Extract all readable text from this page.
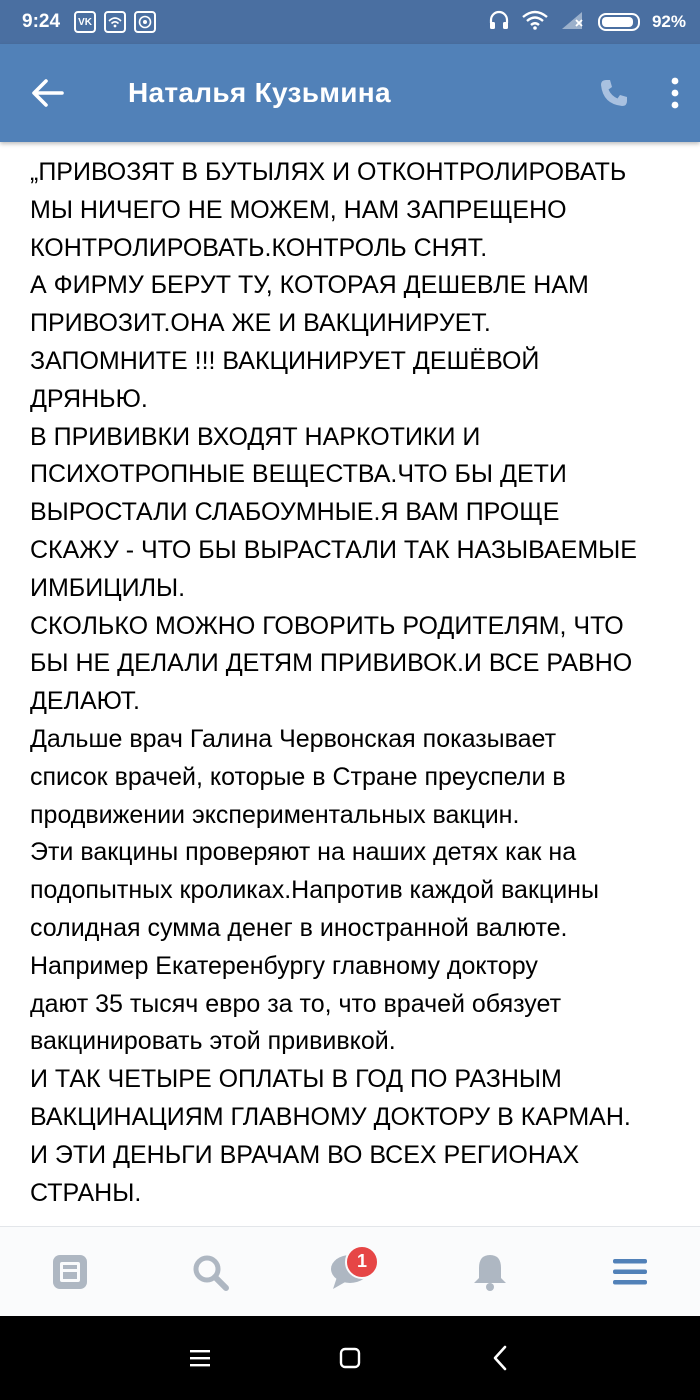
9:24	VK	92%
Наталья Кузьмина
„ПРИВОЗЯТ В БУТЫЛЯХ И ОТКОНТРОЛИРОВАТЬ
МЫ НИЧЕГО НЕ МОЖЕМ, НАМ ЗАПРЕЩЕНО
КОНТРОЛИРОВАТЬ.КОНТРОЛЬ СНЯТ.
А ФИРМУ БЕРУТ ТУ, КОТОРАЯ ДЕШЕВЛЕ НАМ
ПРИВОЗИТ.ОНА ЖЕ И ВАКЦИНИРУЕТ.
ЗАПОМНИТЕ !!! ВАКЦИНИРУЕТ ДЕШЁВОЙ
ДРЯНЬЮ.
В ПРИВИВКИ ВХОДЯТ НАРКОТИКИ И
ПСИХОТРОПНЫЕ ВЕЩЕСТВА.ЧТО БЫ ДЕТИ
ВЫРОСТАЛИ СЛАБОУМНЫЕ.Я ВАМ ПРОЩЕ
СКАЖУ - ЧТО БЫ ВЫРАСТАЛИ ТАК НАЗЫВАЕМЫЕ
ИМБИЦИЛЫ.
СКОЛЬКО МОЖНО ГОВОРИТЬ РОДИТЕЛЯМ, ЧТО
БЫ НЕ ДЕЛАЛИ ДЕТЯМ ПРИВИВОК.И ВСЕ РАВНО
ДЕЛАЮТ.
Дальше врач Галина Червонская показывает
список врачей, которые в Стране преуспели в
продвижении экспериментальных вакцин.
Эти вакцины проверяют на наших детях как на
подопытных кроликах.Напротив каждой вакцины
солидная сумма денег в иностранной валюте.
Например Екатеренбургу главному доктору
дают 35 тысяч евро за то, что врачей обязует
вакцинировать этой прививкой.
И ТАК ЧЕТЫРЕ ОПЛАТЫ В ГОД ПО РАЗНЫМ
ВАКЦИНАЦИЯМ ГЛАВНОМУ ДОКТОРУ В КАРМАН.
И ЭТИ ДЕНЬГИ ВРАЧАМ ВО ВСЕХ РЕГИОНАХ
СТРАНЫ.
1
